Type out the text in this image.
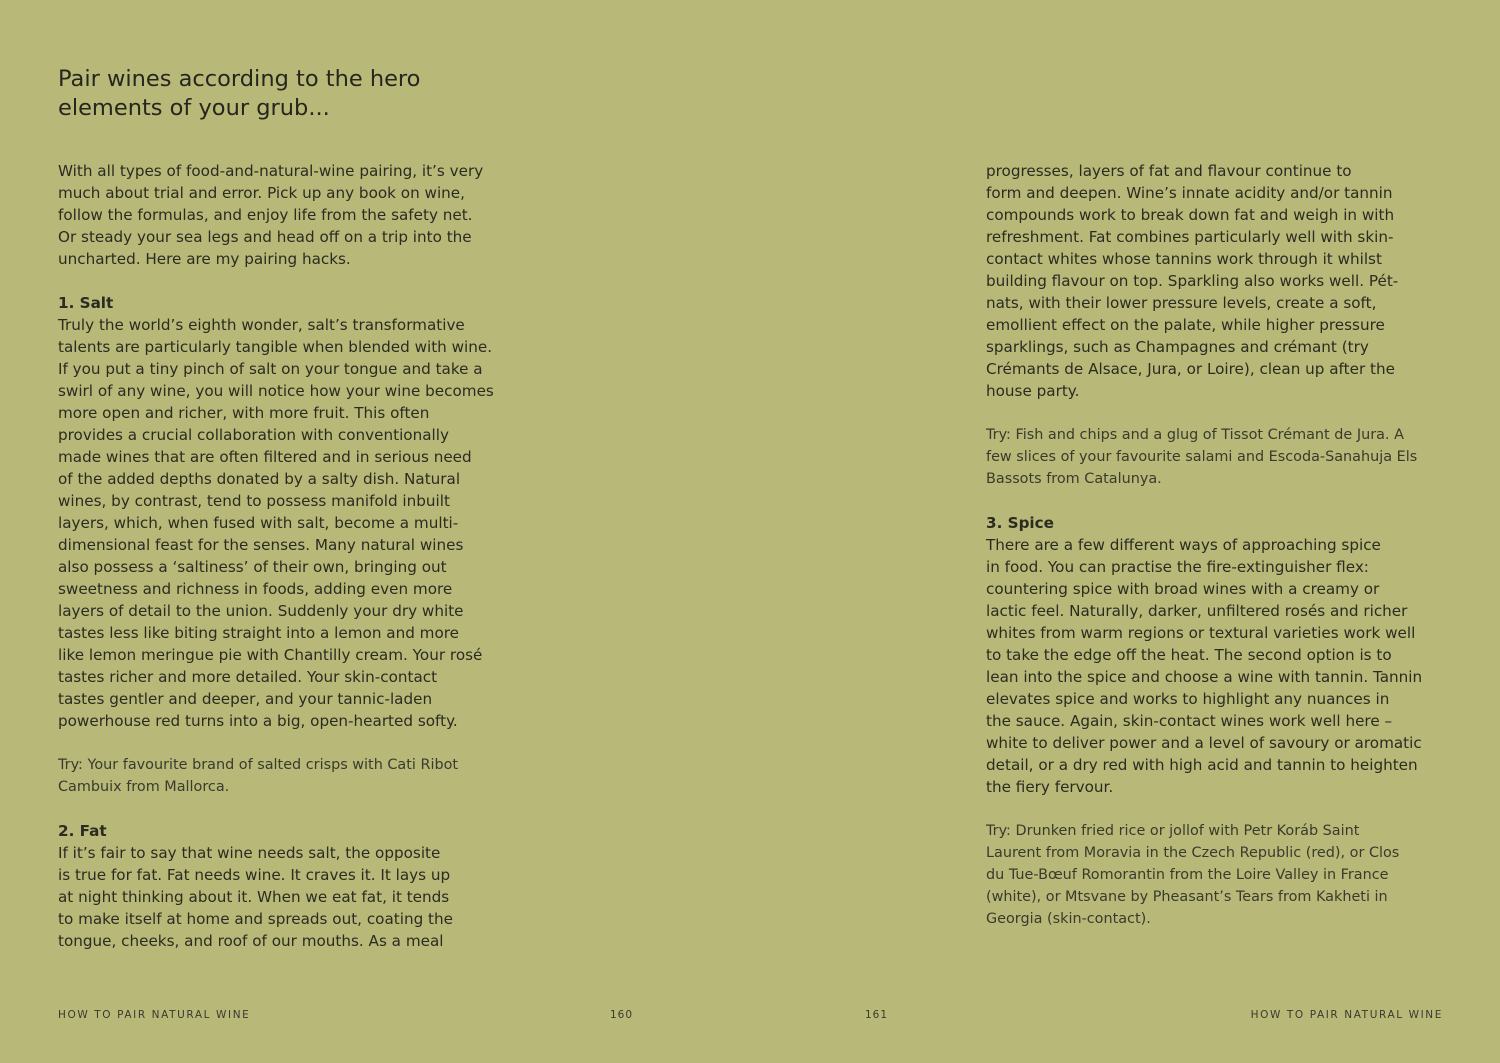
Pair wines according to the hero
elements of your grub...

With all types of food-and-natural-wine pairing, it’s very
much about trial and error. Pick up any book on wine,
follow the formulas, and enjoy life from the safety net.
Or steady your sea legs and head off on a trip into the
uncharted. Here are my pairing hacks.

1. Salt
Truly the world’s eighth wonder, salt’s transformative
talents are particularly tangible when blended with wine.
If you put a tiny pinch of salt on your tongue and take a
swirl of any wine, you will notice how your wine becomes
more open and richer, with more fruit. This often
provides a crucial collaboration with conventionally
made wines that are often filtered and in serious need
of the added depths donated by a salty dish. Natural
wines, by contrast, tend to possess manifold inbuilt
layers, which, when fused with salt, become a multi-
dimensional feast for the senses. Many natural wines
also possess a ‘saltiness’ of their own, bringing out
sweetness and richness in foods, adding even more
layers of detail to the union. Suddenly your dry white
tastes less like biting straight into a lemon and more
like lemon meringue pie with Chantilly cream. Your rosé
tastes richer and more detailed. Your skin-contact
tastes gentler and deeper, and your tannic-laden
powerhouse red turns into a big, open-hearted softy.

Try: Your favourite brand of salted crisps with Cati Ribot
Cambuix from Mallorca.

2. Fat
If it’s fair to say that wine needs salt, the opposite
is true for fat. Fat needs wine. It craves it. It lays up
at night thinking about it. When we eat fat, it tends
to make itself at home and spreads out, coating the
tongue, cheeks, and roof of our mouths. As a meal

progresses, layers of fat and flavour continue to
form and deepen. Wine’s innate acidity and/or tannin
compounds work to break down fat and weigh in with
refreshment. Fat combines particularly well with skin-
contact whites whose tannins work through it whilst
building flavour on top. Sparkling also works well. Pét-
nats, with their lower pressure levels, create a soft,
emollient effect on the palate, while higher pressure
sparklings, such as Champagnes and crémant (try
Crémants de Alsace, Jura, or Loire), clean up after the
house party.

Try: Fish and chips and a glug of Tissot Crémant de Jura. A
few slices of your favourite salami and Escoda-Sanahuja Els
Bassots from Catalunya.

3. Spice
There are a few different ways of approaching spice
in food. You can practise the fire-extinguisher flex:
countering spice with broad wines with a creamy or
lactic feel. Naturally, darker, unfiltered rosés and richer
whites from warm regions or textural varieties work well
to take the edge off the heat. The second option is to
lean into the spice and choose a wine with tannin. Tannin
elevates spice and works to highlight any nuances in
the sauce. Again, skin-contact wines work well here –
white to deliver power and a level of savoury or aromatic
detail, or a dry red with high acid and tannin to heighten
the fiery fervour.

Try: Drunken fried rice or jollof with Petr Koráb Saint
Laurent from Moravia in the Czech Republic (red), or Clos
du Tue-Bœuf Romorantin from the Loire Valley in France
(white), or Mtsvane by Pheasant’s Tears from Kakheti in
Georgia (skin-contact).

HOW TO PAIR NATURAL WINE	160	161	HOW TO PAIR NATURAL WINE
